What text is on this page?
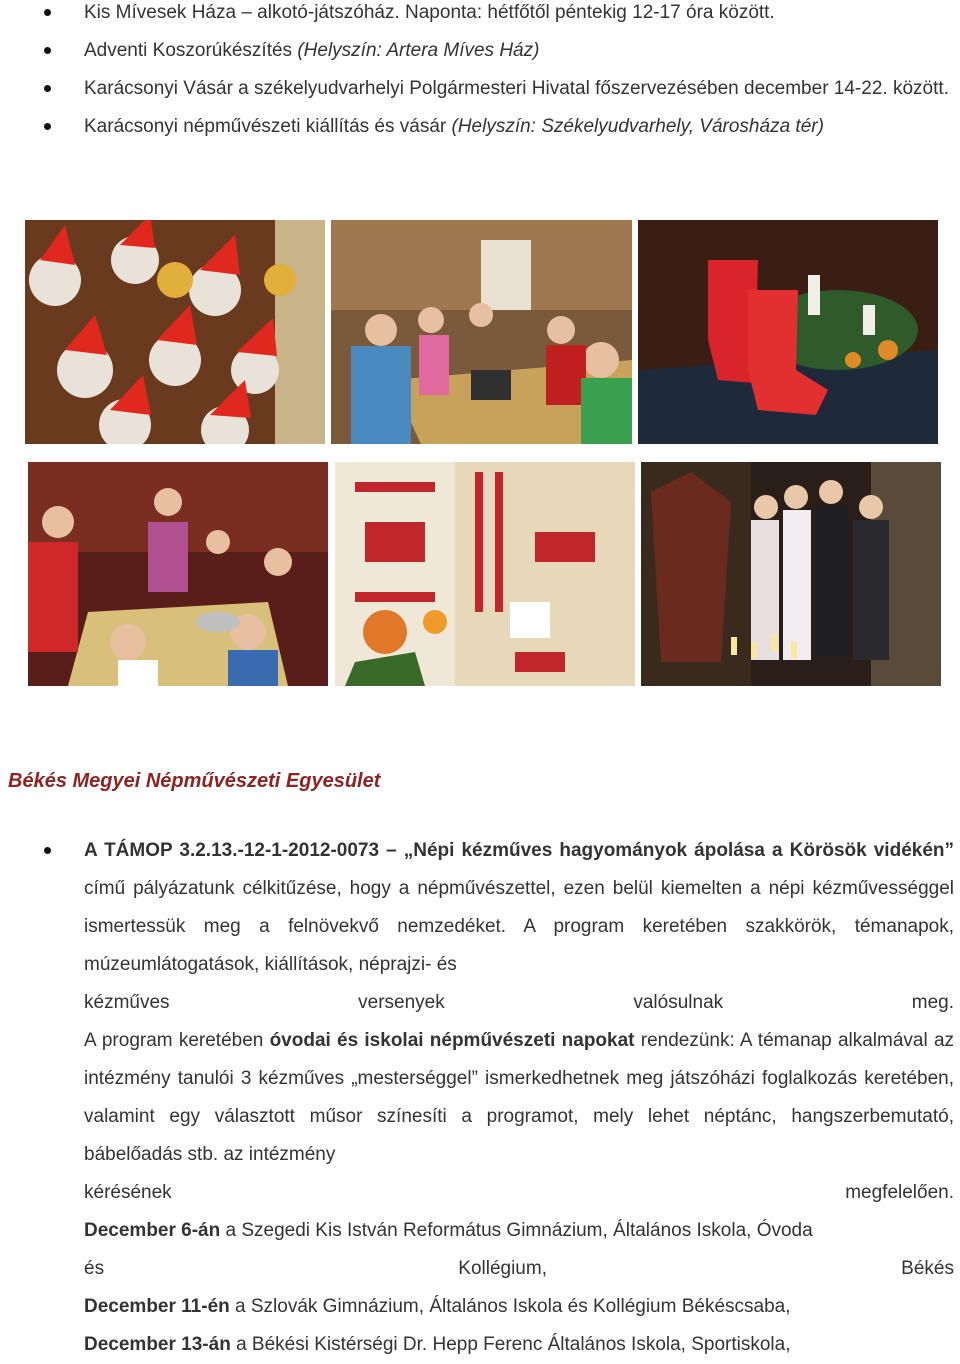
Kis Mívesek Háza – alkotó-játszóház. Naponta: hétfőtől péntekig 12-17 óra között.
Adventi Koszorúkészítés (Helyszín: Artera Míves Ház)
Karácsonyi Vásár a székelyudvarhelyi Polgármesteri Hivatal főszervezésében december 14-22. között.
Karácsonyi népművészeti kiállítás és vásár (Helyszín: Székelyudvarhely, Városháza tér)
Békés Megyei Népművészeti Egyesület
A TÁMOP 3.2.13.-12-1-2012-0073 – „Népi kézműves hagyományok ápolása a Körösök vidékén” című pályázatunk célkitűzése, hogy a népművészettel, ezen belül kiemelten a népi kézművességgel ismertessük meg a felnövekvő nemzedéket. A program keretében szakkörök, témanapok, múzeumlátogatások, kiállítások, néprajzi- és
kézműves	versenyek	valósulnak	meg.
A program keretében óvodai és iskolai népművészeti napokat rendezünk: A témanap alkalmával az intézmény tanulói 3 kézműves „mesterséggel” ismerkedhetnek meg játszóházi foglalkozás keretében, valamint egy választott műsor színesíti a programot, mely lehet néptánc, hangszerbemutató, bábelőadás stb. az intézmény
kérésének	megfelelően.
December 6-án a Szegedi Kis István Református Gimnázium, Általános Iskola, Óvoda
és	Kollégium,	Békés
December 11-én a Szlovák Gimnázium, Általános Iskola és Kollégium Békéscsaba,
December 13-án a Békési Kistérségi Dr. Hepp Ferenc Általános Iskola, Sportiskola,
